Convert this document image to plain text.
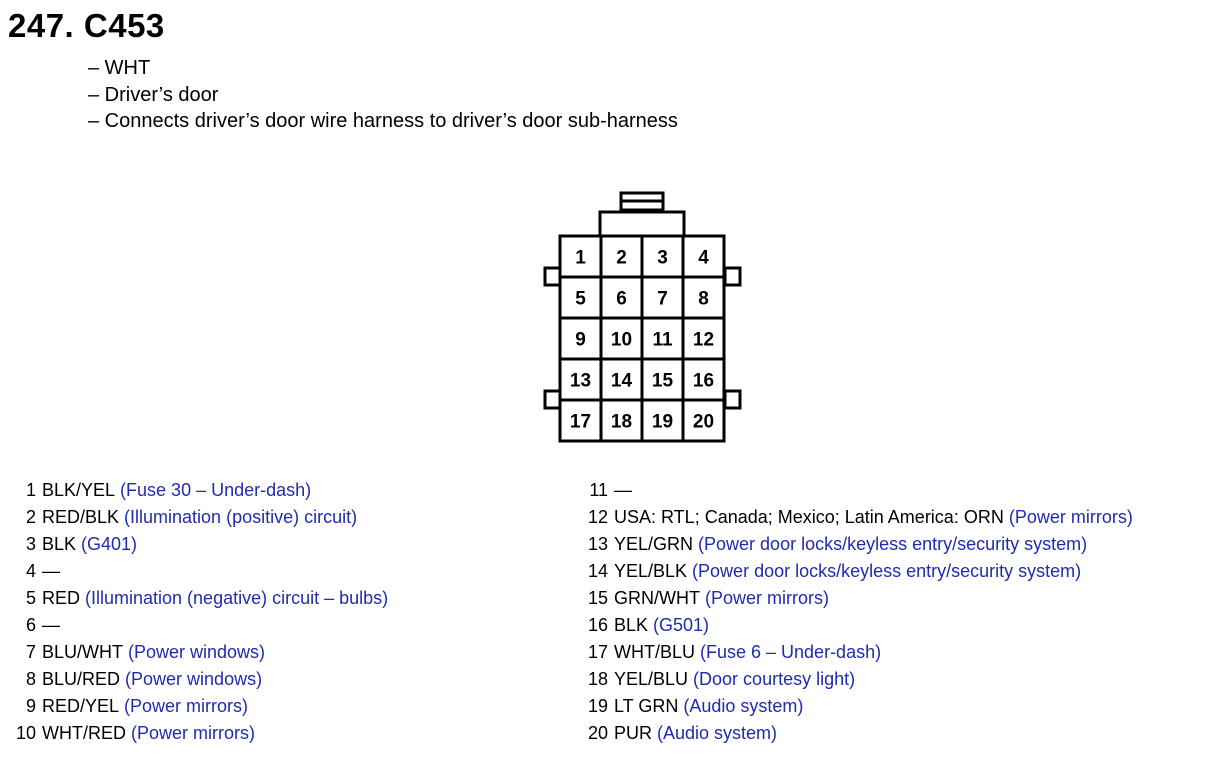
247. C453
– WHT
– Driver’s door
– Connects driver’s door wire harness to driver’s door sub-harness
1 2 3 4
5 6 7 8
9 10 11 12
13 14 15 16
17 18 19 20
1 BLK/YEL (Fuse 30 – Under-dash)
2 RED/BLK (Illumination (positive) circuit)
3 BLK (G401)
4 —
5 RED (Illumination (negative) circuit – bulbs)
6 —
7 BLU/WHT (Power windows)
8 BLU/RED (Power windows)
9 RED/YEL (Power mirrors)
10 WHT/RED (Power mirrors)
11 —
12 USA: RTL; Canada; Mexico; Latin America: ORN (Power mirrors)
13 YEL/GRN (Power door locks/keyless entry/security system)
14 YEL/BLK (Power door locks/keyless entry/security system)
15 GRN/WHT (Power mirrors)
16 BLK (G501)
17 WHT/BLU (Fuse 6 – Under-dash)
18 YEL/BLU (Door courtesy light)
19 LT GRN (Audio system)
20 PUR (Audio system)
